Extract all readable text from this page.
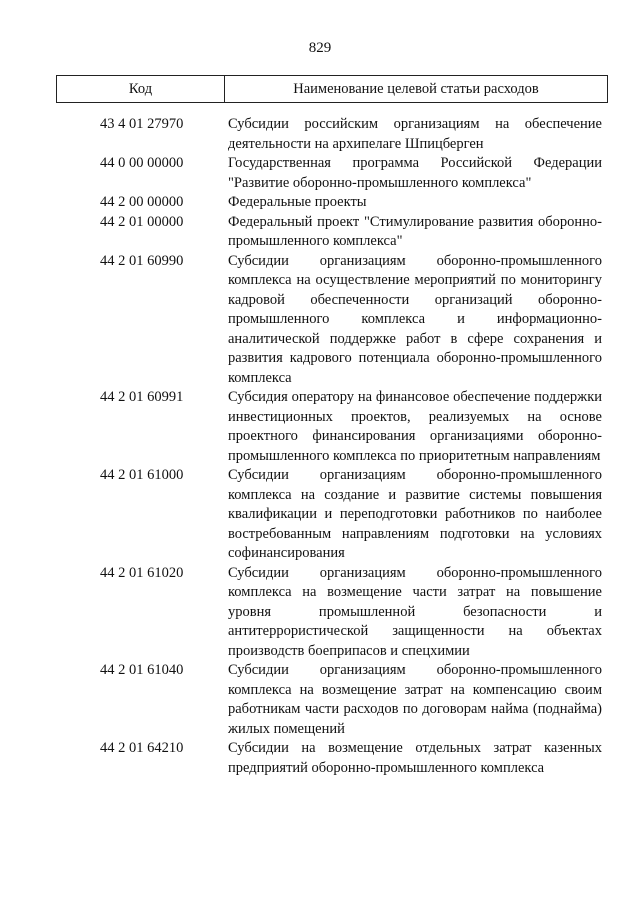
829
Код	Наименование целевой статьи расходов
43 4 01 27970	Субсидии российским организациям на обеспечение деятельности на архипелаге Шпицберген
44 0 00 00000	Государственная программа Российской Федерации "Развитие оборонно-промышленного комплекса"
44 2 00 00000	Федеральные проекты
44 2 01 00000	Федеральный проект "Стимулирование развития оборонно-промышленного комплекса"
44 2 01 60990	Субсидии организациям оборонно-промышленного комплекса на осуществление мероприятий по мониторингу кадровой обеспеченности организаций оборонно-промышленного комплекса и информационно-аналитической поддержке работ в сфере сохранения и развития кадрового потенциала оборонно-промышленного комплекса
44 2 01 60991	Субсидия оператору на финансовое обеспечение поддержки инвестиционных проектов, реализуемых на основе проектного финансирования организациями оборонно-промышленного комплекса по приоритетным направлениям
44 2 01 61000	Субсидии организациям оборонно-промышленного комплекса на создание и развитие системы повышения квалификации и переподготовки работников по наиболее востребованным направлениям подготовки на условиях софинансирования
44 2 01 61020	Субсидии организациям оборонно-промышленного комплекса на возмещение части затрат на повышение уровня промышленной безопасности и антитеррористической защищенности на объектах производств боеприпасов и спецхимии
44 2 01 61040	Субсидии организациям оборонно-промышленного комплекса на возмещение затрат на компенсацию своим работникам части расходов по договорам найма (поднайма) жилых помещений
44 2 01 64210	Субсидии на возмещение отдельных затрат казенных предприятий оборонно-промышленного комплекса
